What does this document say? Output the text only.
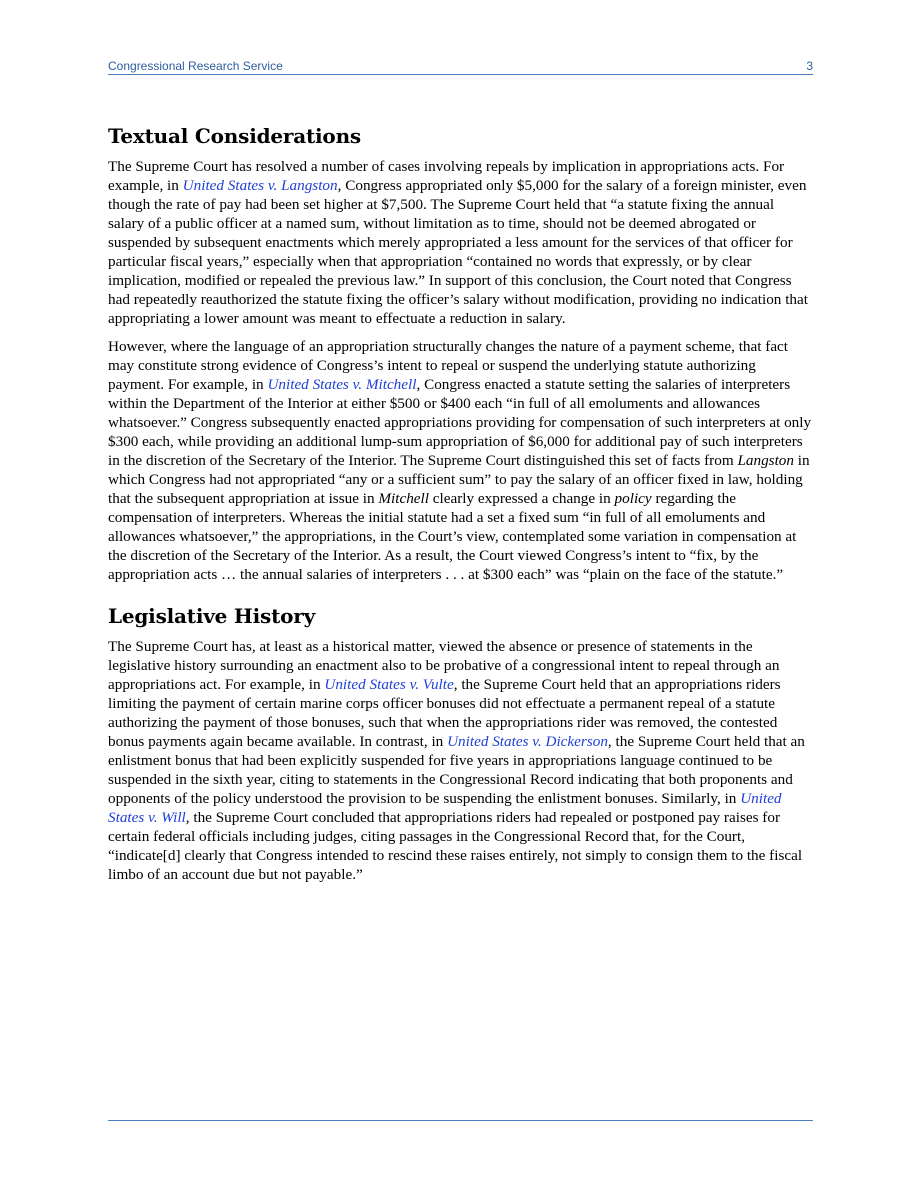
Congressional Research Service	3
Textual Considerations

The Supreme Court has resolved a number of cases involving repeals by implication in appropriations acts. For example, in United States v. Langston, Congress appropriated only $5,000 for the salary of a foreign minister, even though the rate of pay had been set higher at $7,500. The Supreme Court held that “a statute fixing the annual salary of a public officer at a named sum, without limitation as to time, should not be deemed abrogated or suspended by subsequent enactments which merely appropriated a less amount for the services of that officer for particular fiscal years,” especially when that appropriation “contained no words that expressly, or by clear implication, modified or repealed the previous law.” In support of this conclusion, the Court noted that Congress had repeatedly reauthorized the statute fixing the officer’s salary without modification, providing no indication that appropriating a lower amount was meant to effectuate a reduction in salary.

However, where the language of an appropriation structurally changes the nature of a payment scheme, that fact may constitute strong evidence of Congress’s intent to repeal or suspend the underlying statute authorizing payment. For example, in United States v. Mitchell, Congress enacted a statute setting the salaries of interpreters within the Department of the Interior at either $500 or $400 each “in full of all emoluments and allowances whatsoever.” Congress subsequently enacted appropriations providing for compensation of such interpreters at only $300 each, while providing an additional lump-sum appropriation of $6,000 for additional pay of such interpreters in the discretion of the Secretary of the Interior. The Supreme Court distinguished this set of facts from Langston in which Congress had not appropriated “any or a sufficient sum” to pay the salary of an officer fixed in law, holding that the subsequent appropriation at issue in Mitchell clearly expressed a change in policy regarding the compensation of interpreters. Whereas the initial statute had a set a fixed sum “in full of all emoluments and allowances whatsoever,” the appropriations, in the Court’s view, contemplated some variation in compensation at the discretion of the Secretary of the Interior. As a result, the Court viewed Congress’s intent to “fix, by the appropriation acts … the annual salaries of interpreters . . . at $300 each” was “plain on the face of the statute.”

Legislative History

The Supreme Court has, at least as a historical matter, viewed the absence or presence of statements in the legislative history surrounding an enactment also to be probative of a congressional intent to repeal through an appropriations act. For example, in United States v. Vulte, the Supreme Court held that an appropriations riders limiting the payment of certain marine corps officer bonuses did not effectuate a permanent repeal of a statute authorizing the payment of those bonuses, such that when the appropriations rider was removed, the contested bonus payments again became available. In contrast, in United States v. Dickerson, the Supreme Court held that an enlistment bonus that had been explicitly suspended for five years in appropriations language continued to be suspended in the sixth year, citing to statements in the Congressional Record indicating that both proponents and opponents of the policy understood the provision to be suspending the enlistment bonuses. Similarly, in United States v. Will, the Supreme Court concluded that appropriations riders had repealed or postponed pay raises for certain federal officials including judges, citing passages in the Congressional Record that, for the Court, “indicate[d] clearly that Congress intended to rescind these raises entirely, not simply to consign them to the fiscal limbo of an account due but not payable.”
